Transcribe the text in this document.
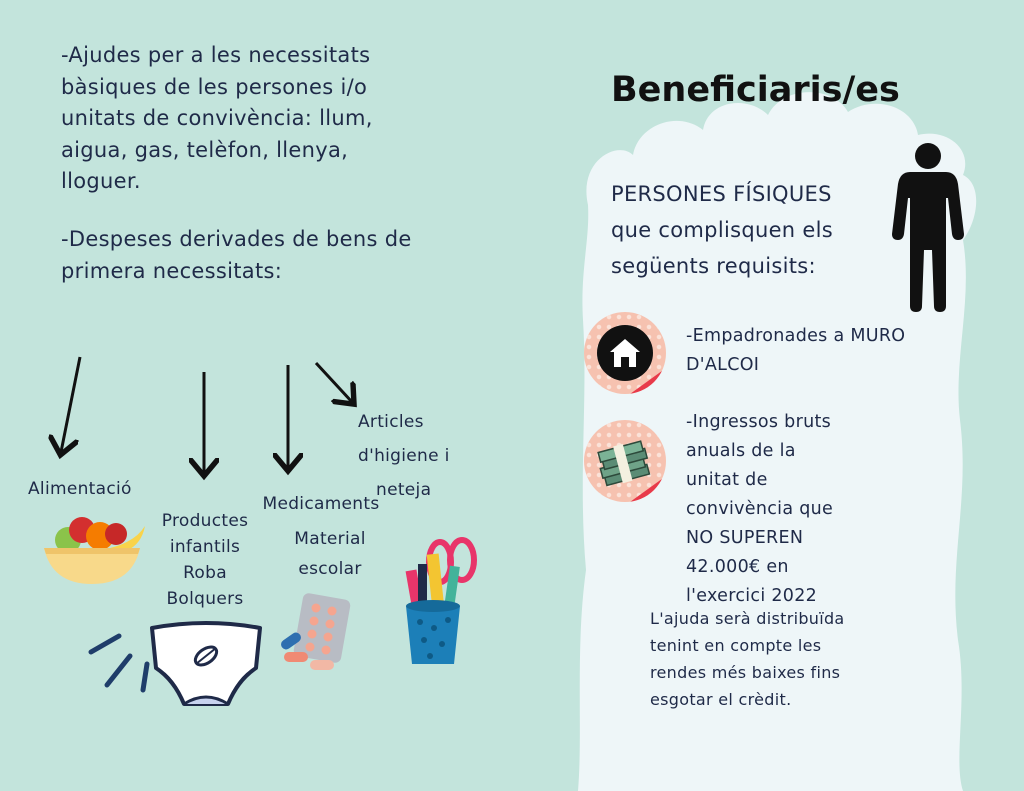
-Ajudes per a les necessitats bàsiques de les persones i/o unitats de convivència: llum, aigua, gas, telèfon, llenya, lloguer.
-Despeses derivades de bens de primera necessitats:
Alimentació
Productes
infantils
Roba
Bolquers
Medicaments
Material
escolar
Articles
d'higiene i
neteja
Beneficiaris/es
PERSONES FÍSIQUES
que complisquen els
següents requisits:
-Empadronades a MURO
D'ALCOI
-Ingressos bruts
anuals de la
unitat de
convivència que
NO SUPEREN
42.000€ en
l'exercici 2022
L'ajuda serà distribuïda
tenint en compte les
rendes més baixes fins
esgotar el crèdit.
